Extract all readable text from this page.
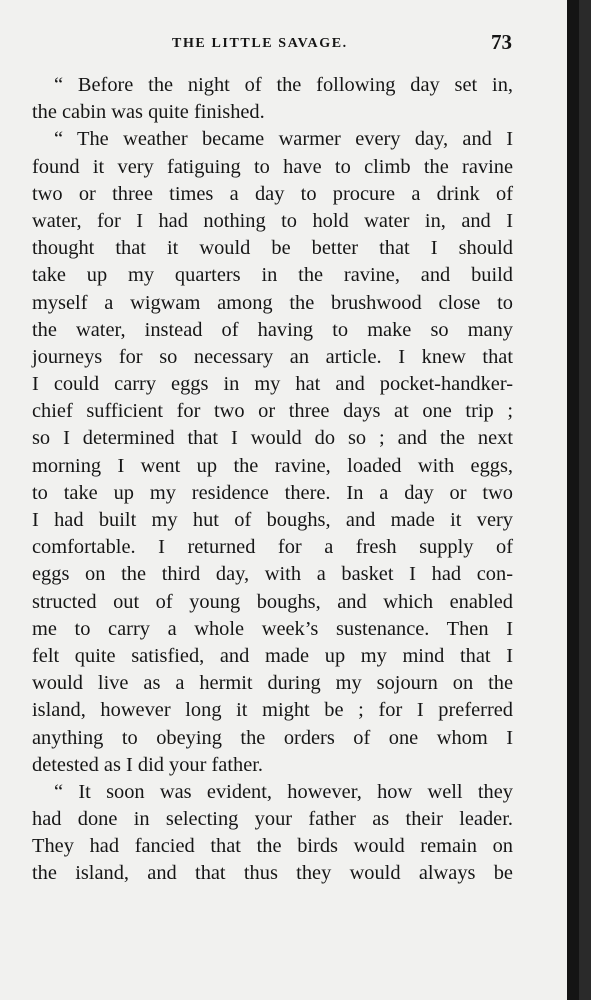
THE LITTLE SAVAGE.	73
“ Before the night of the following day set in,
the cabin was quite finished.
“ The weather became warmer every day, and I
found it very fatiguing to have to climb the ravine
two or three times a day to procure a drink of
water, for I had nothing to hold water in, and I
thought that it would be better that I should
take up my quarters in the ravine, and build
myself a wigwam among the brushwood close to
the water, instead of having to make so many
journeys for so necessary an article. I knew that
I could carry eggs in my hat and pocket-handker-
chief sufficient for two or three days at one trip ;
so I determined that I would do so ; and the next
morning I went up the ravine, loaded with eggs,
to take up my residence there. In a day or two
I had built my hut of boughs, and made it very
comfortable. I returned for a fresh supply of
eggs on the third day, with a basket I had con-
structed out of young boughs, and which enabled
me to carry a whole week’s sustenance. Then I
felt quite satisfied, and made up my mind that I
would live as a hermit during my sojourn on the
island, however long it might be ; for I preferred
anything to obeying the orders of one whom I
detested as I did your father.
“ It soon was evident, however, how well they
had done in selecting your father as their leader.
They had fancied that the birds would remain on
the island, and that thus they would always be
